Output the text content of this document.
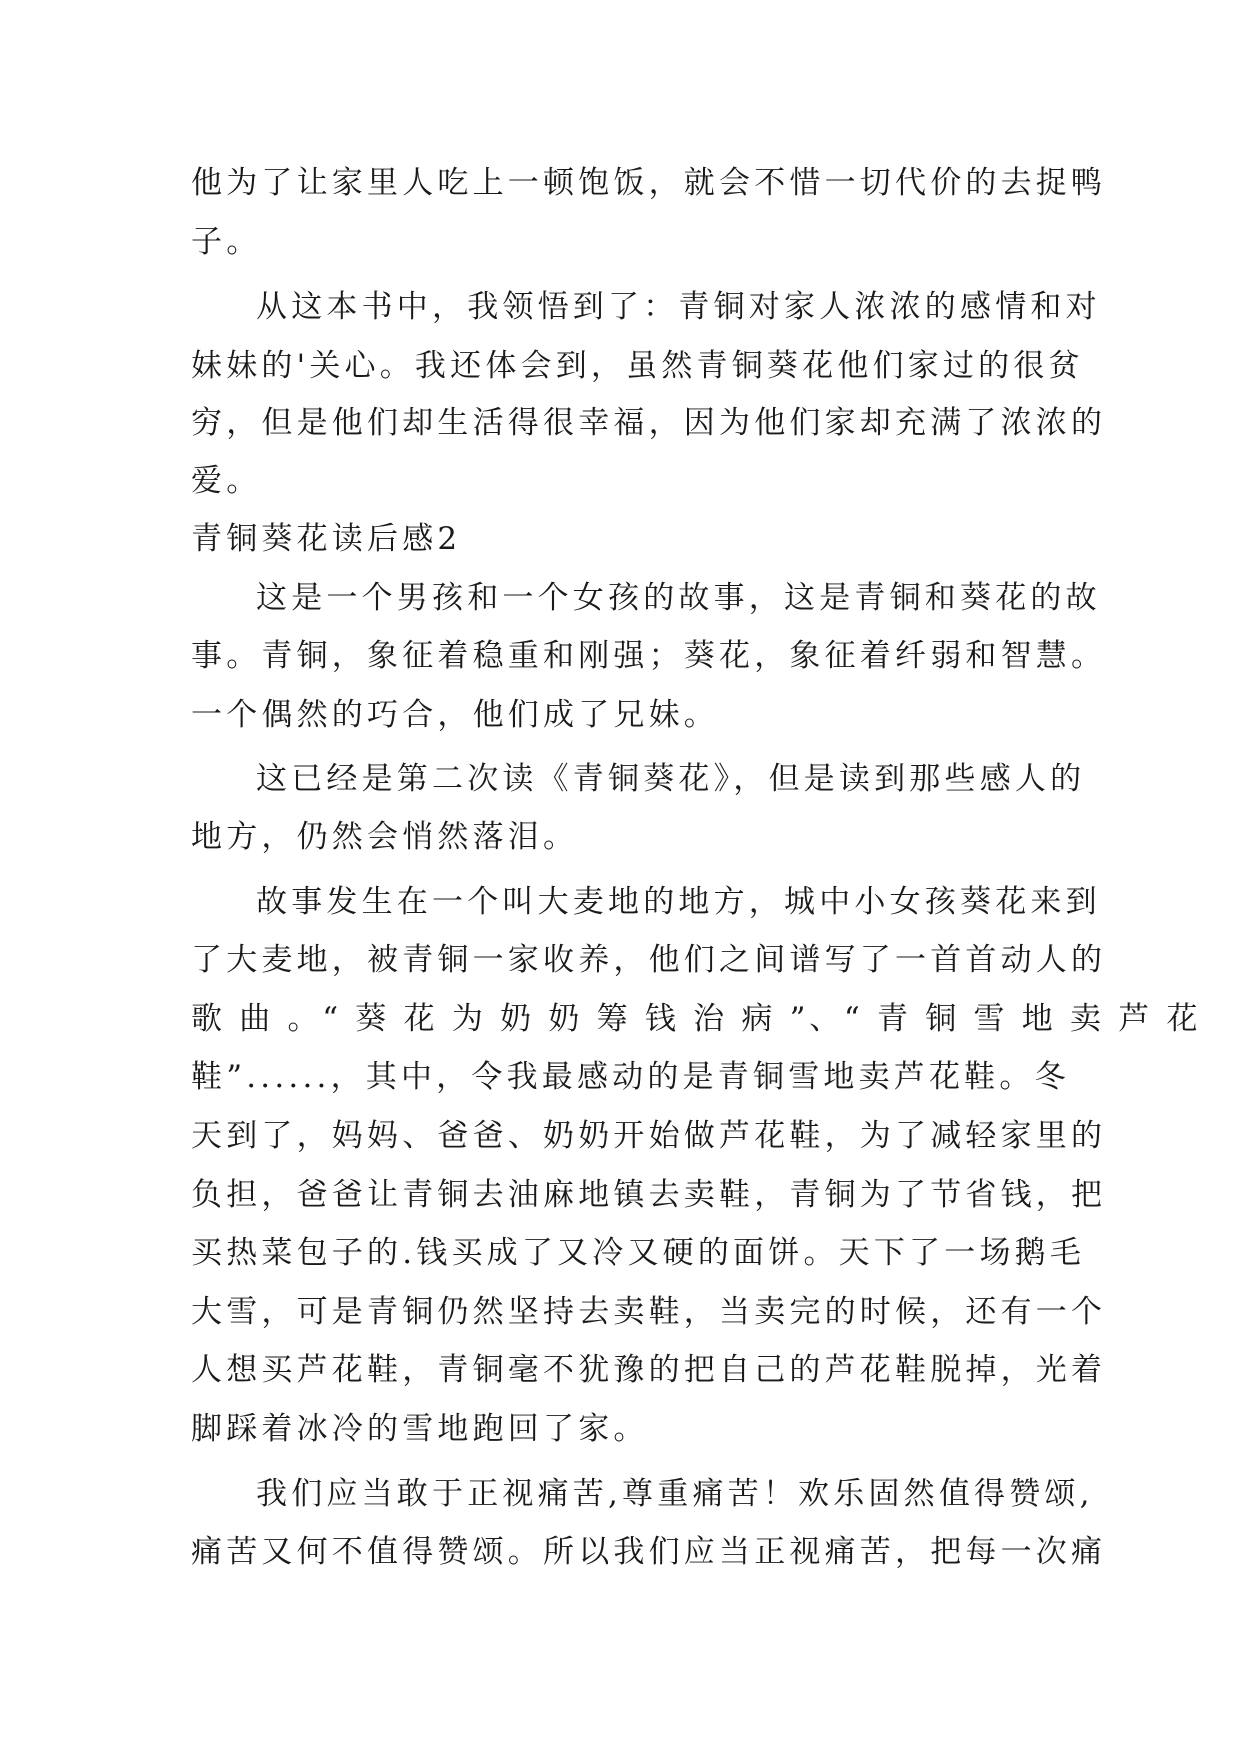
他为了让家里人吃上一顿饱饭，就会不惜一切代价的去捉鸭
子。
从这本书中，我领悟到了：青铜对家人浓浓的感情和对
妹妹的'关心。我还体会到，虽然青铜葵花他们家过的很贫
穷，但是他们却生活得很幸福，因为他们家却充满了浓浓的
爱。
青铜葵花读后感2
这是一个男孩和一个女孩的故事，这是青铜和葵花的故
事。青铜，象征着稳重和刚强；葵花，象征着纤弱和智慧。
一个偶然的巧合，他们成了兄妹。
这已经是第二次读《青铜葵花》，但是读到那些感人的
地方，仍然会悄然落泪。
故事发生在一个叫大麦地的地方，城中小女孩葵花来到
了大麦地，被青铜一家收养，他们之间谱写了一首首动人的
歌 曲 。“ 葵 花 为 奶 奶 筹 钱 治 病 ”、“ 青 铜 雪 地 卖 芦 花
鞋”......，其中，令我最感动的是青铜雪地卖芦花鞋。冬
天到了，妈妈、爸爸、奶奶开始做芦花鞋，为了减轻家里的
负担，爸爸让青铜去油麻地镇去卖鞋，青铜为了节省钱，把
买热菜包子的.钱买成了又冷又硬的面饼。天下了一场鹅毛
大雪，可是青铜仍然坚持去卖鞋，当卖完的时候，还有一个
人想买芦花鞋，青铜毫不犹豫的把自己的芦花鞋脱掉，光着
脚踩着冰冷的雪地跑回了家。
我们应当敢于正视痛苦,尊重痛苦！欢乐固然值得赞颂,
痛苦又何不值得赞颂。所以我们应当正视痛苦，把每一次痛
